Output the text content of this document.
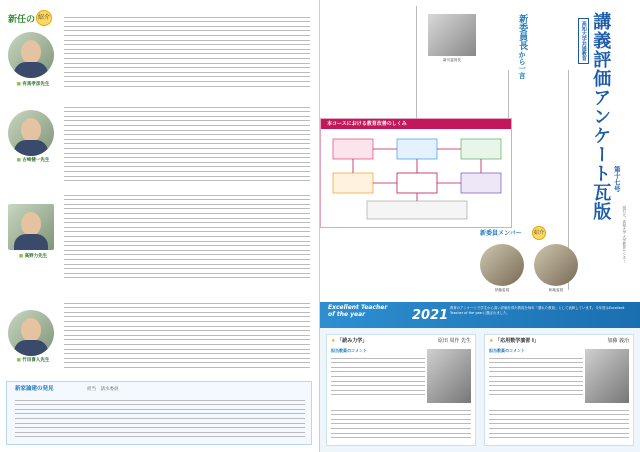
新任の 紹介
■ 有馬孝彦先生
■ 古崎健一先生
■ 高野力先生
■ 竹田喜人先生
新家論建の発見	担当　請水委員
新川委員長
新委員長 から一言
高知大学共通教育 講義評価アンケート瓦版 第十七号
発行元：高知大学 大学教育センター
本コースにおける教育改善のしくみ
新委員メンバー	紹介
伊藤委員	和地委員
Excellent Teacher
of the year	2021 教育のアンケートで学生から高い評価を得た教員を毎年「優れた教員」として表彰しています。今年度はExcellent Teacher of the yearに選ばれました。
★ 「読み力学」	原田 周作 先生
担当教員のコメント
★ 「応用数学演習 I」	加藤 義治
担当教員のコメント
